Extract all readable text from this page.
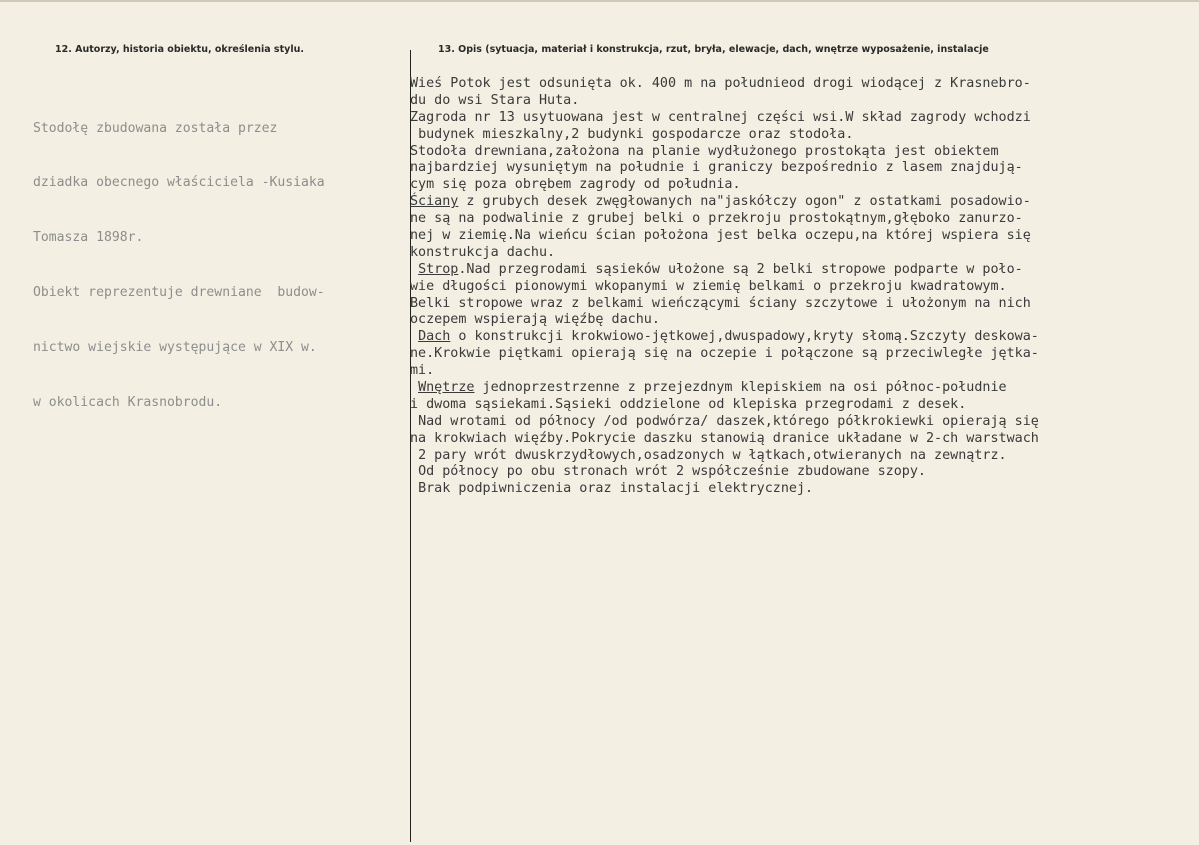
12. Autorzy, historia obiektu, określenia stylu.	13. Opis (sytuacja, materiał i konstrukcja, rzut, bryła, elewacje, dach, wnętrze wyposażenie, instalacje

Stodołę zbudowana została przez

dziadka obecnego właściciela -Kusiaka

Tomasza 1898r.

Obiekt reprezentuje drewniane  budow-

nictwo wiejskie występujące w XIX w.

w okolicach Krasnobrodu.

Wieś Potok jest odsunięta ok. 400 m na południeod drogi wiodącej z Krasnebro-
du do wsi Stara Huta.
Zagroda nr 13 usytuowana jest w centralnej części wsi.W skład zagrody wchodzi
budynek mieszkalny,2 budynki gospodarcze oraz stodoła.
Stodoła drewniana,założona na planie wydłużonego prostokąta jest obiektem
najbardziej wysuniętym na południe i graniczy bezpośrednio z lasem znajdują-
cym się poza obrębem zagrody od południa.
Ściany z grubych desek zwęgłowanych na"jaskółczy ogon" z ostatkami posadowio-
ne są na podwalinie z grubej belki o przekroju prostokątnym,głęboko zanurzo-
nej w ziemię.Na wieńcu ścian położona jest belka oczepu,na której wspiera się
konstrukcja dachu.
Strop.Nad przegrodami sąsieków ułożone są 2 belki stropowe podparte w poło-
wie długości pionowymi wkopanymi w ziemię belkami o przekroju kwadratowym.
Belki stropowe wraz z belkami wieńczącymi ściany szczytowe i ułożonym na nich
oczepem wspierają więźbę dachu.
Dach o konstrukcji krokwiowo-jętkowej,dwuspadowy,kryty słomą.Szczyty deskowa-
ne.Krokwie piętkami opierają się na oczepie i połączone są przeciwległe jętka-
mi.
Wnętrze jednoprzestrzenne z przejezdnym klepiskiem na osi północ-południe
i dwoma sąsiekami.Sąsieki oddzielone od klepiska przegrodami z desek.
Nad wrotami od północy /od podwórza/ daszek,którego półkrokiewki opierają się
na krokwiach więźby.Pokrycie daszku stanowią dranice układane w 2-ch warstwach
2 pary wrót dwuskrzydłowych,osadzonych w łątkach,otwieranych na zewnątrz.
Od północy po obu stronach wrót 2 współcześnie zbudowane szopy.
Brak podpiwniczenia oraz instalacji elektrycznej.
